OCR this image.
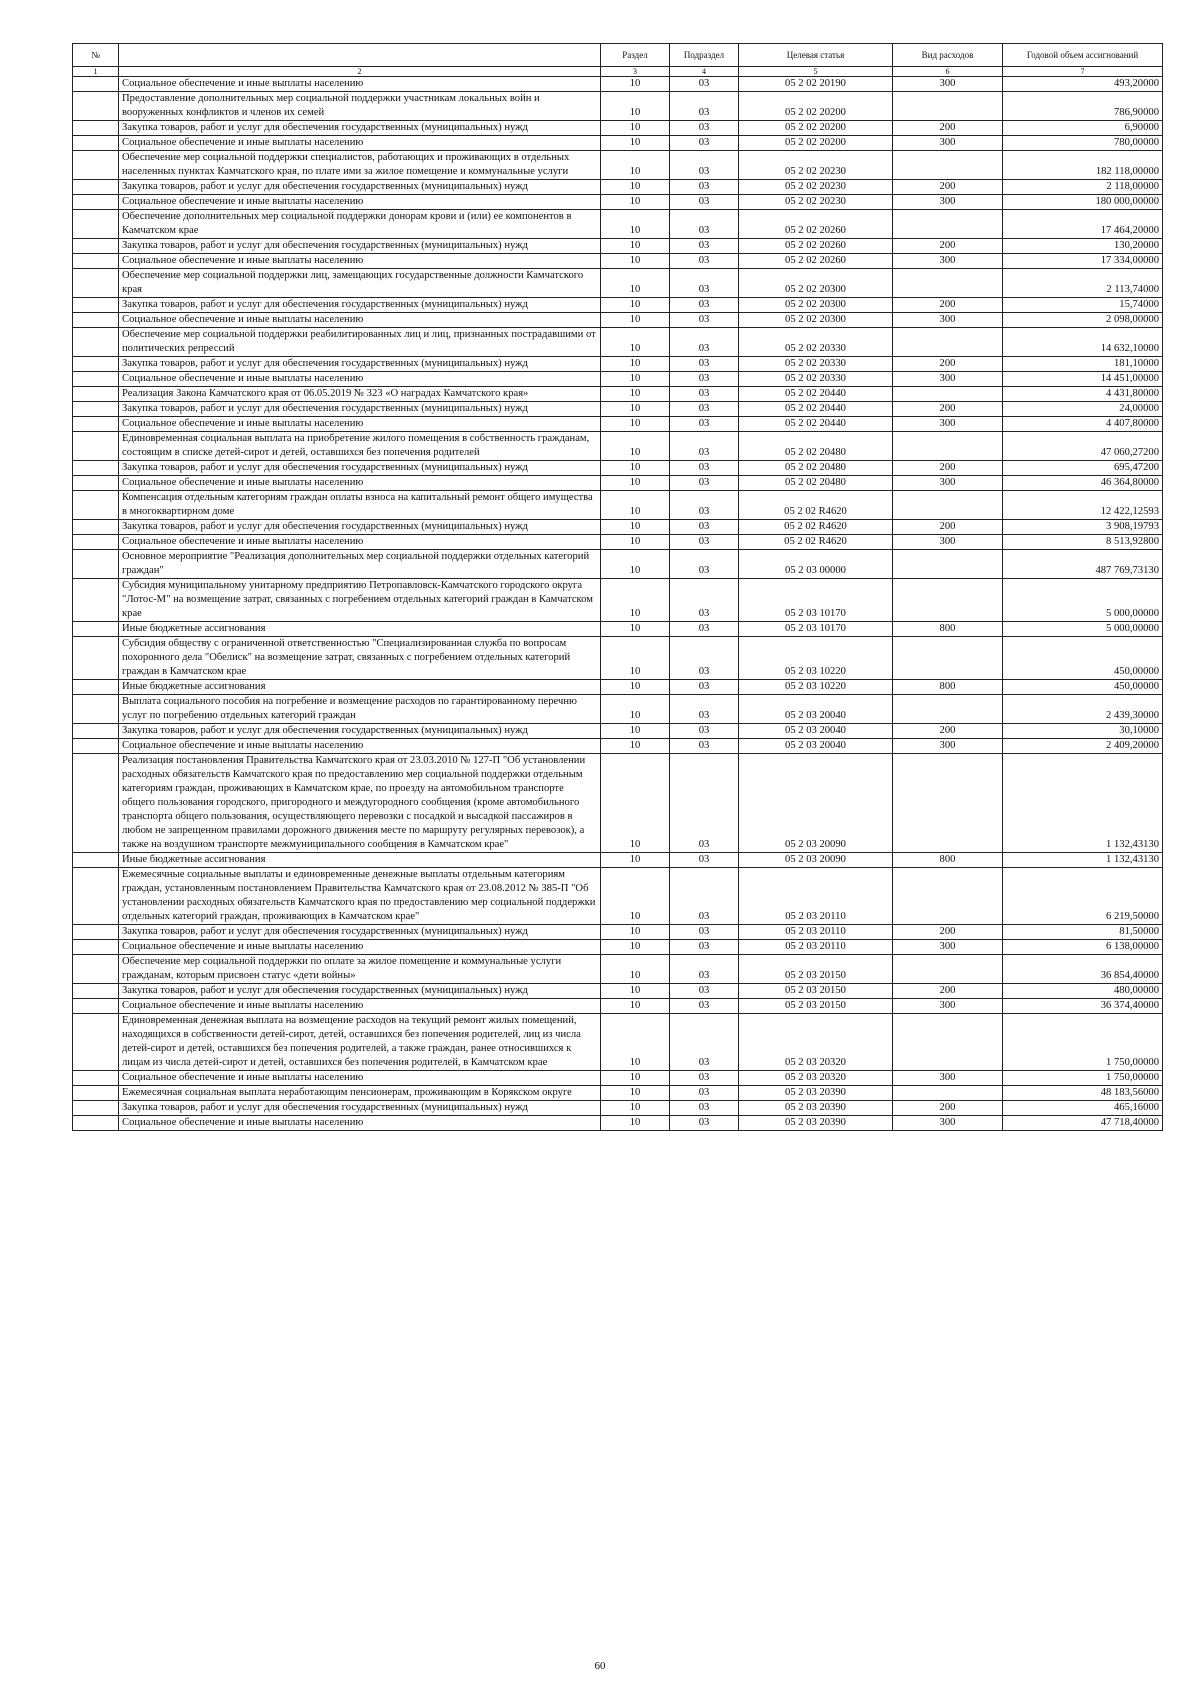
№		Раздел	Подраздел	Целевая статья	Вид расходов	Годовой объем ассигнований
1	2	3	4	5	6	7
	Социальное обеспечение и иные выплаты населению	10	03	05 2 02 20190	300	493,20000
	Предоставление дополнительных мер социальной поддержки участникам локальных войн и вооруженных конфликтов и членов их семей	10	03	05 2 02 20200		786,90000
	Закупка товаров, работ и услуг для обеспечения государственных (муниципальных) нужд	10	03	05 2 02 20200	200	6,90000
	Социальное обеспечение и иные выплаты населению	10	03	05 2 02 20200	300	780,00000
	Обеспечение мер социальной поддержки специалистов, работающих и проживающих в отдельных населенных пунктах Камчатского края, по плате ими за жилое помещение и коммунальные услуги	10	03	05 2 02 20230		182 118,00000
	Закупка товаров, работ и услуг для обеспечения государственных (муниципальных) нужд	10	03	05 2 02 20230	200	2 118,00000
	Социальное обеспечение и иные выплаты населению	10	03	05 2 02 20230	300	180 000,00000
	Обеспечение дополнительных мер социальной поддержки донорам крови и (или) ее компонентов в Камчатском крае	10	03	05 2 02 20260		17 464,20000
	Закупка товаров, работ и услуг для обеспечения государственных (муниципальных) нужд	10	03	05 2 02 20260	200	130,20000
	Социальное обеспечение и иные выплаты населению	10	03	05 2 02 20260	300	17 334,00000
	Обеспечение мер социальной поддержки лиц, замещающих государственные должности Камчатского края	10	03	05 2 02 20300		2 113,74000
	Закупка товаров, работ и услуг для обеспечения государственных (муниципальных) нужд	10	03	05 2 02 20300	200	15,74000
	Социальное обеспечение и иные выплаты населению	10	03	05 2 02 20300	300	2 098,00000
	Обеспечение мер социальной поддержки реабилитированных лиц и лиц, признанных пострадавшими от политических репрессий	10	03	05 2 02 20330		14 632,10000
	Закупка товаров, работ и услуг для обеспечения государственных (муниципальных) нужд	10	03	05 2 02 20330	200	181,10000
	Социальное обеспечение и иные выплаты населению	10	03	05 2 02 20330	300	14 451,00000
	Реализация Закона Камчатского края от 06.05.2019 № 323 «О наградах Камчатского края»	10	03	05 2 02 20440		4 431,80000
	Закупка товаров, работ и услуг для обеспечения государственных (муниципальных) нужд	10	03	05 2 02 20440	200	24,00000
	Социальное обеспечение и иные выплаты населению	10	03	05 2 02 20440	300	4 407,80000
	Единовременная социальная выплата на приобретение жилого помещения в собственность гражданам, состоящим в списке детей-сирот и детей, оставшихся без попечения родителей	10	03	05 2 02 20480		47 060,27200
	Закупка товаров, работ и услуг для обеспечения государственных (муниципальных) нужд	10	03	05 2 02 20480	200	695,47200
	Социальное обеспечение и иные выплаты населению	10	03	05 2 02 20480	300	46 364,80000
	Компенсация отдельным категориям граждан оплаты взноса на капитальный ремонт общего имущества в многоквартирном доме	10	03	05 2 02 R4620		12 422,12593
	Закупка товаров, работ и услуг для обеспечения государственных (муниципальных) нужд	10	03	05 2 02 R4620	200	3 908,19793
	Социальное обеспечение и иные выплаты населению	10	03	05 2 02 R4620	300	8 513,92800
	Основное мероприятие "Реализация дополнительных мер социальной поддержки отдельных категорий граждан"	10	03	05 2 03 00000		487 769,73130
	Субсидия муниципальному унитарному предприятию Петропавловск-Камчатского городского округа "Лотос-М" на возмещение затрат, связанных с погребением отдельных категорий граждан в Камчатском крае	10	03	05 2 03 10170		5 000,00000
	Иные бюджетные ассигнования	10	03	05 2 03 10170	800	5 000,00000
	Субсидия обществу с ограниченной ответственностью "Специализированная служба по вопросам похоронного дела "Обелиск" на возмещение затрат, связанных с погребением отдельных категорий граждан в Камчатском крае	10	03	05 2 03 10220		450,00000
	Иные бюджетные ассигнования	10	03	05 2 03 10220	800	450,00000
	Выплата социального пособия на погребение и возмещение расходов по гарантированному перечню услуг по погребению отдельных категорий граждан	10	03	05 2 03 20040		2 439,30000
	Закупка товаров, работ и услуг для обеспечения государственных (муниципальных) нужд	10	03	05 2 03 20040	200	30,10000
	Социальное обеспечение и иные выплаты населению	10	03	05 2 03 20040	300	2 409,20000
	Реализация постановления Правительства Камчатского края от 23.03.2010 № 127-П "Об установлении расходных обязательств Камчатского края по предоставлению мер социальной поддержки отдельным категориям граждан, проживающих в Камчатском крае, по проезду на автомобильном транспорте общего пользования городского, пригородного и междугородного сообщения (кроме автомобильного транспорта общего пользования, осуществляющего перевозки с посадкой и высадкой пассажиров в любом не запрещенном правилами дорожного движения месте по маршруту регулярных перевозок), а также на воздушном транспорте межмуниципального сообщения в Камчатском крае"	10	03	05 2 03 20090		1 132,43130
	Иные бюджетные ассигнования	10	03	05 2 03 20090	800	1 132,43130
	Ежемесячные социальные выплаты и единовременные денежные выплаты отдельным категориям граждан, установленным постановлением Правительства Камчатского края от 23.08.2012 № 385-П "Об установлении расходных обязательств Камчатского края по предоставлению мер социальной поддержки отдельных категорий граждан, проживающих в Камчатском крае"	10	03	05 2 03 20110		6 219,50000
	Закупка товаров, работ и услуг для обеспечения государственных (муниципальных) нужд	10	03	05 2 03 20110	200	81,50000
	Социальное обеспечение и иные выплаты населению	10	03	05 2 03 20110	300	6 138,00000
	Обеспечение мер социальной поддержки по оплате за жилое помещение и коммунальные услуги гражданам, которым присвоен статус «дети войны»	10	03	05 2 03 20150		36 854,40000
	Закупка товаров, работ и услуг для обеспечения государственных (муниципальных) нужд	10	03	05 2 03 20150	200	480,00000
	Социальное обеспечение и иные выплаты населению	10	03	05 2 03 20150	300	36 374,40000
	Единовременная денежная выплата на возмещение расходов на текущий ремонт жилых помещений, находящихся в собственности детей-сирот, детей, оставшихся без попечения родителей, лиц из числа детей-сирот и детей, оставшихся без попечения родителей, а также граждан, ранее относившихся к лицам из числа детей-сирот и детей, оставшихся без попечения родителей, в Камчатском крае	10	03	05 2 03 20320		1 750,00000
	Социальное обеспечение и иные выплаты населению	10	03	05 2 03 20320	300	1 750,00000
	Ежемесячная социальная выплата неработающим пенсионерам, проживающим в Корякском округе	10	03	05 2 03 20390		48 183,56000
	Закупка товаров, работ и услуг для обеспечения государственных (муниципальных) нужд	10	03	05 2 03 20390	200	465,16000
	Социальное обеспечение и иные выплаты населению	10	03	05 2 03 20390	300	47 718,40000
60
